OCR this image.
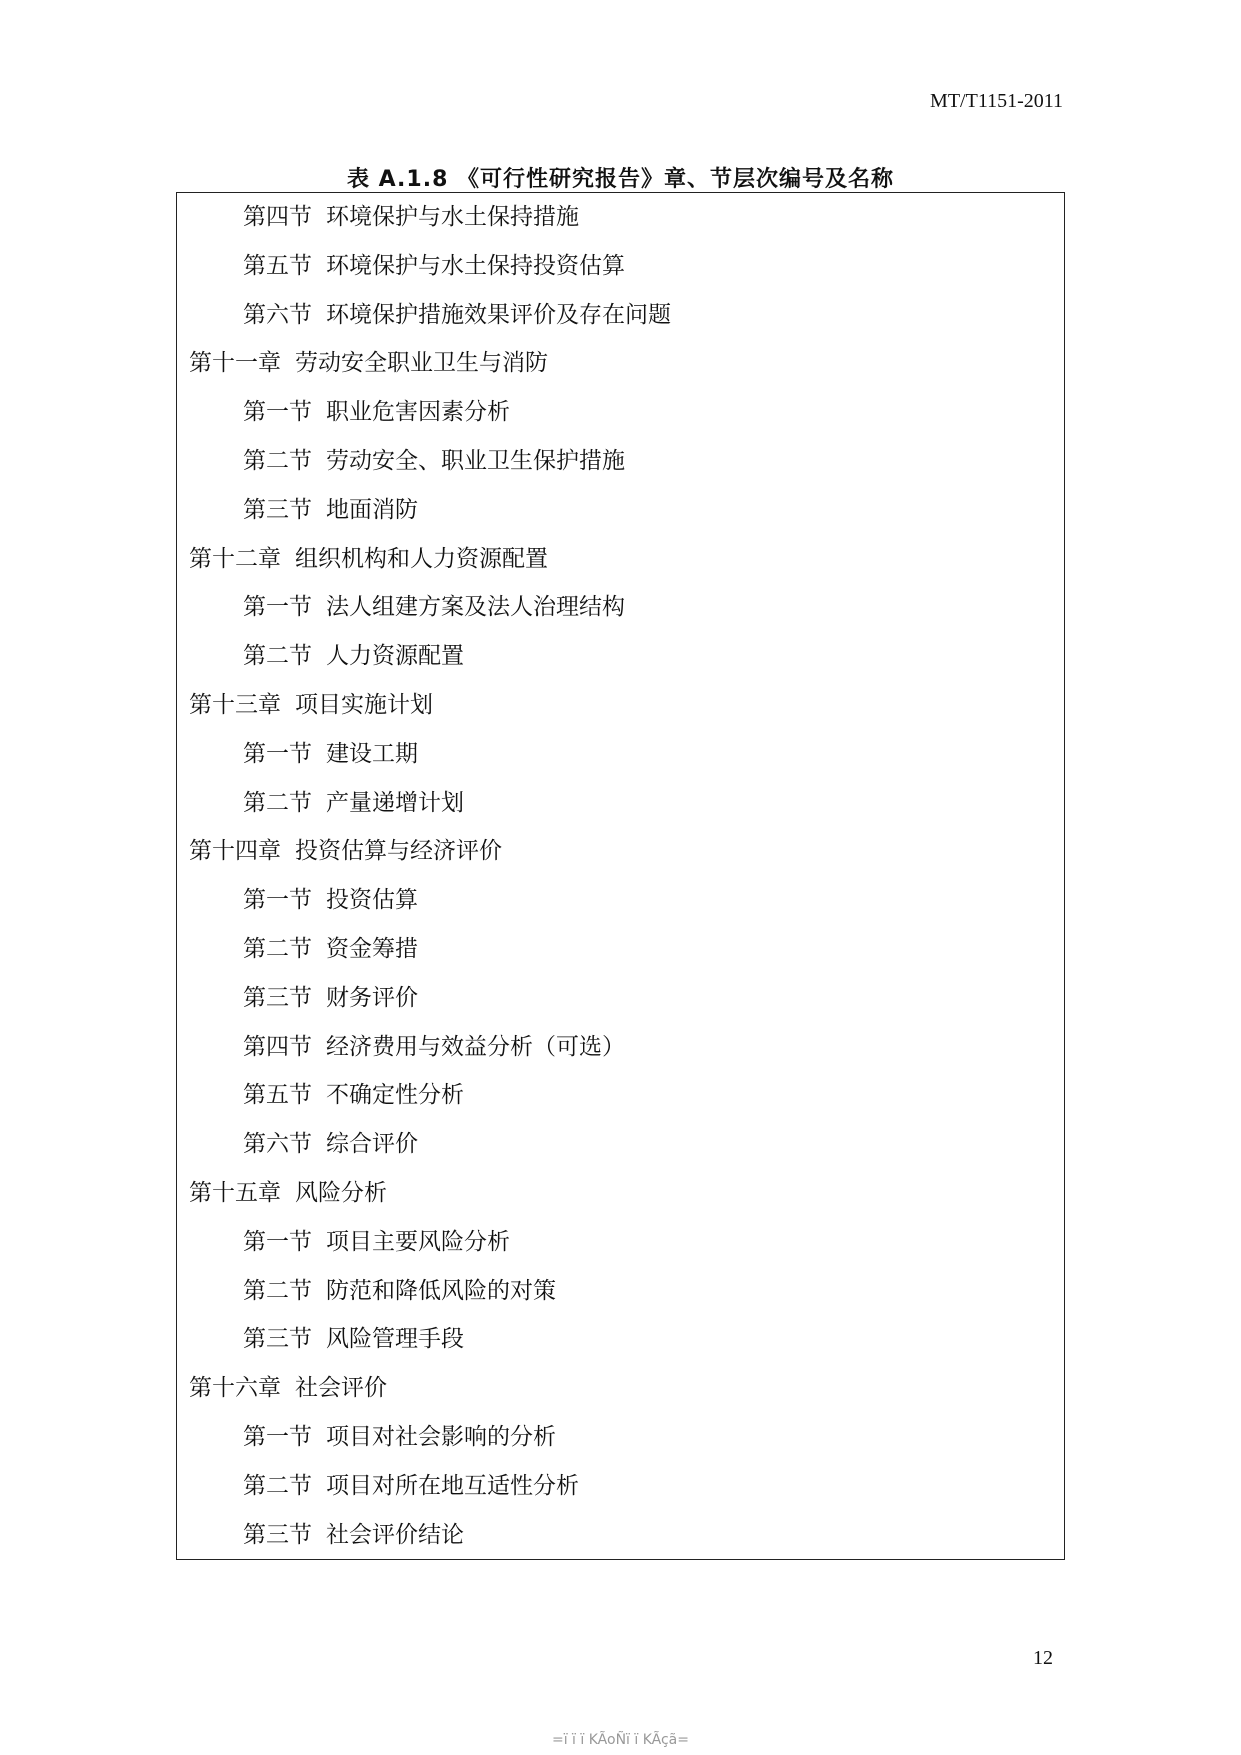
MT/T1151-2011
表 A.1.8 《可行性研究报告》章、节层次编号及名称
第四节 环境保护与水土保持措施
第五节 环境保护与水土保持投资估算
第六节 环境保护措施效果评价及存在问题
第十一章 劳动安全职业卫生与消防
第一节 职业危害因素分析
第二节 劳动安全、职业卫生保护措施
第三节 地面消防
第十二章 组织机构和人力资源配置
第一节 法人组建方案及法人治理结构
第二节 人力资源配置
第十三章 项目实施计划
第一节 建设工期
第二节 产量递增计划
第十四章 投资估算与经济评价
第一节 投资估算
第二节 资金筹措
第三节 财务评价
第四节 经济费用与效益分析（可选）
第五节 不确定性分析
第六节 综合评价
第十五章 风险分析
第一节 项目主要风险分析
第二节 防范和降低风险的对策
第三节 风险管理手段
第十六章 社会评价
第一节 项目对社会影响的分析
第二节 项目对所在地互适性分析
第三节 社会评价结论
12
=ï ï ï KÃoÑï ï KÃçã=
